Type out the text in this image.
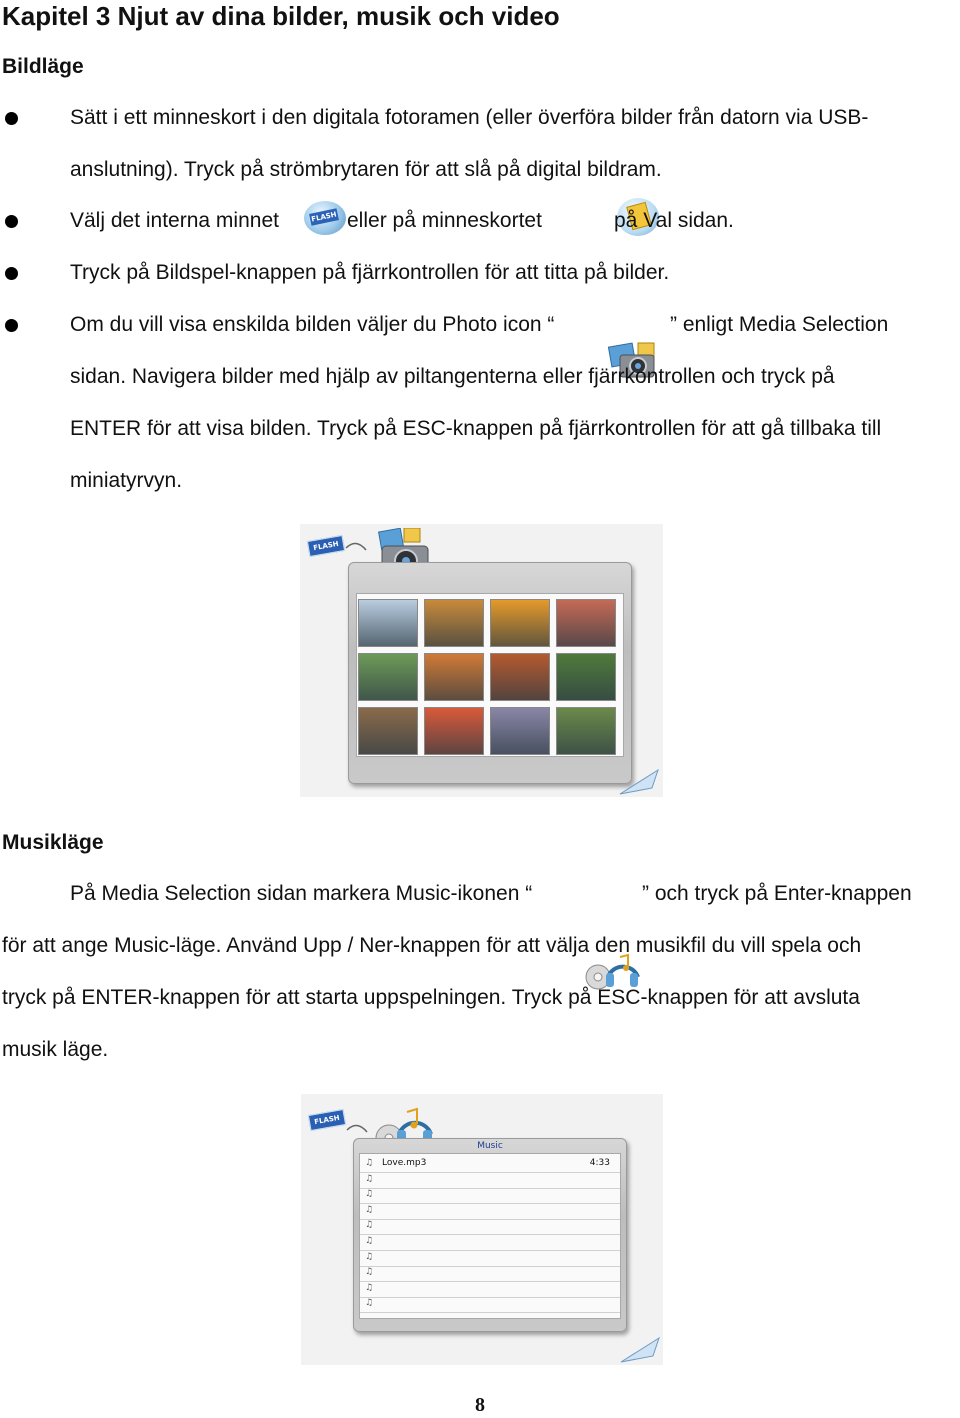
Kapitel 3 Njut av dina bilder, musik och video
Bildläge
Sätt i ett minneskort i den digitala fotoramen (eller överföra bilder från datorn via USB-
anslutning). Tryck på strömbrytaren för att slå på digital bildram.
Välj det interna minnet	FLASH
eller på minneskortet	på Val sidan.
Tryck på Bildspel-knappen på fjärrkontrollen för att titta på bilder.
Om du vill visa enskilda bilden väljer du Photo icon “	” enligt Media Selection
sidan. Navigera bilder med hjälp av piltangenterna eller fjärrkontrollen och tryck på
ENTER för att visa bilden. Tryck på ESC-knappen på fjärrkontrollen för att gå tillbaka till
miniatyrvyn.
FLASH
Musikläge
På Media Selection sidan markera Music-ikonen “	” och tryck på Enter-knappen
för att ange Music-läge. Använd Upp / Ner-knappen för att välja den musikfil du vill spela och
tryck på ENTER-knappen för att starta uppspelningen. Tryck på ESC-knappen för att avsluta
musik läge.
FLASH
Music
♫
♫
♫
♫
♫
♫
♫
♫
♫
♫
Love.mp3	4:33
8
